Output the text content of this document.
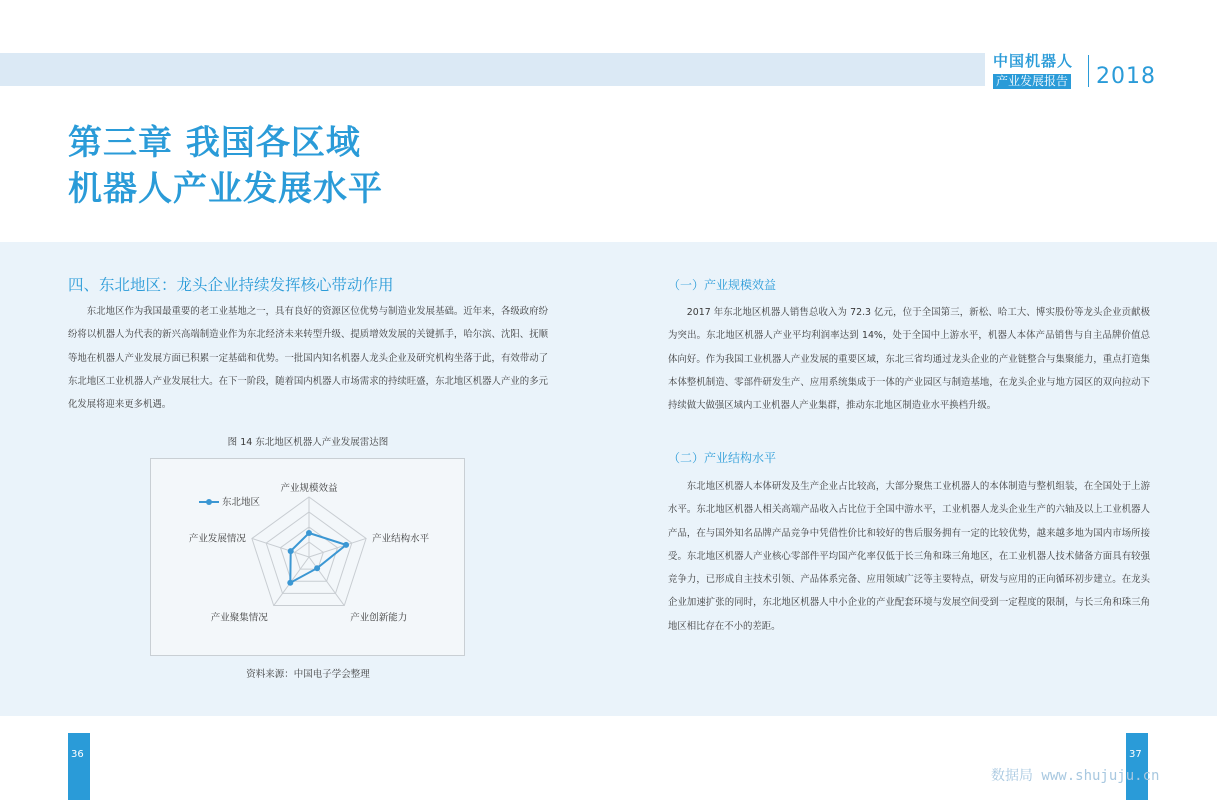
中国机器人
产业发展报告	2018
第三章 我国各区域
机器人产业发展水平
四、东北地区：龙头企业持续发挥核心带动作用

东北地区作为我国最重要的老工业基地之一，具有良好的资源区位优势与制造业发展基础。近年来，各级政府纷纷将以机器人为代表的新兴高端制造业作为东北经济未来转型升级、提质增效发展的关键抓手，哈尔滨、沈阳、抚顺等地在机器人产业发展方面已积累一定基础和优势。一批国内知名机器人龙头企业及研究机构坐落于此，有效带动了东北地区工业机器人产业发展壮大。在下一阶段，随着国内机器人市场需求的持续旺盛，东北地区机器人产业的多元化发展将迎来更多机遇。

图 14 东北地区机器人产业发展雷达图
产业规模效益
产业结构水平
产业创新能力
产业聚集情况
产业发展情况
东北地区
资料来源：中国电子学会整理
（一）产业规模效益

2017 年东北地区机器人销售总收入为 72.3 亿元，位于全国第三，新松、哈工大、博实股份等龙头企业贡献极为突出。东北地区机器人产业平均利润率达到 14%，处于全国中上游水平，机器人本体产品销售与自主品牌价值总体向好。作为我国工业机器人产业发展的重要区域，东北三省均通过龙头企业的产业链整合与集聚能力，重点打造集本体整机制造、零部件研发生产、应用系统集成于一体的产业园区与制造基地，在龙头企业与地方园区的双向拉动下持续做大做强区域内工业机器人产业集群，推动东北地区制造业水平换档升级。

（二）产业结构水平

东北地区机器人本体研发及生产企业占比较高，大部分聚焦工业机器人的本体制造与整机组装，在全国处于上游水平。东北地区机器人相关高端产品收入占比位于全国中游水平，工业机器人龙头企业生产的六轴及以上工业机器人产品，在与国外知名品牌产品竞争中凭借性价比和较好的售后服务拥有一定的比较优势，越来越多地为国内市场所接受。东北地区机器人产业核心零部件平均国产化率仅低于长三角和珠三角地区，在工业机器人技术储备方面具有较强竞争力，已形成自主技术引领、产品体系完备、应用领域广泛等主要特点，研发与应用的正向循环初步建立。在龙头企业加速扩张的同时，东北地区机器人中小企业的产业配套环境与发展空间受到一定程度的限制，与长三角和珠三角地区相比存在不小的差距。

36	37
数据局 www.shujuju.cn
